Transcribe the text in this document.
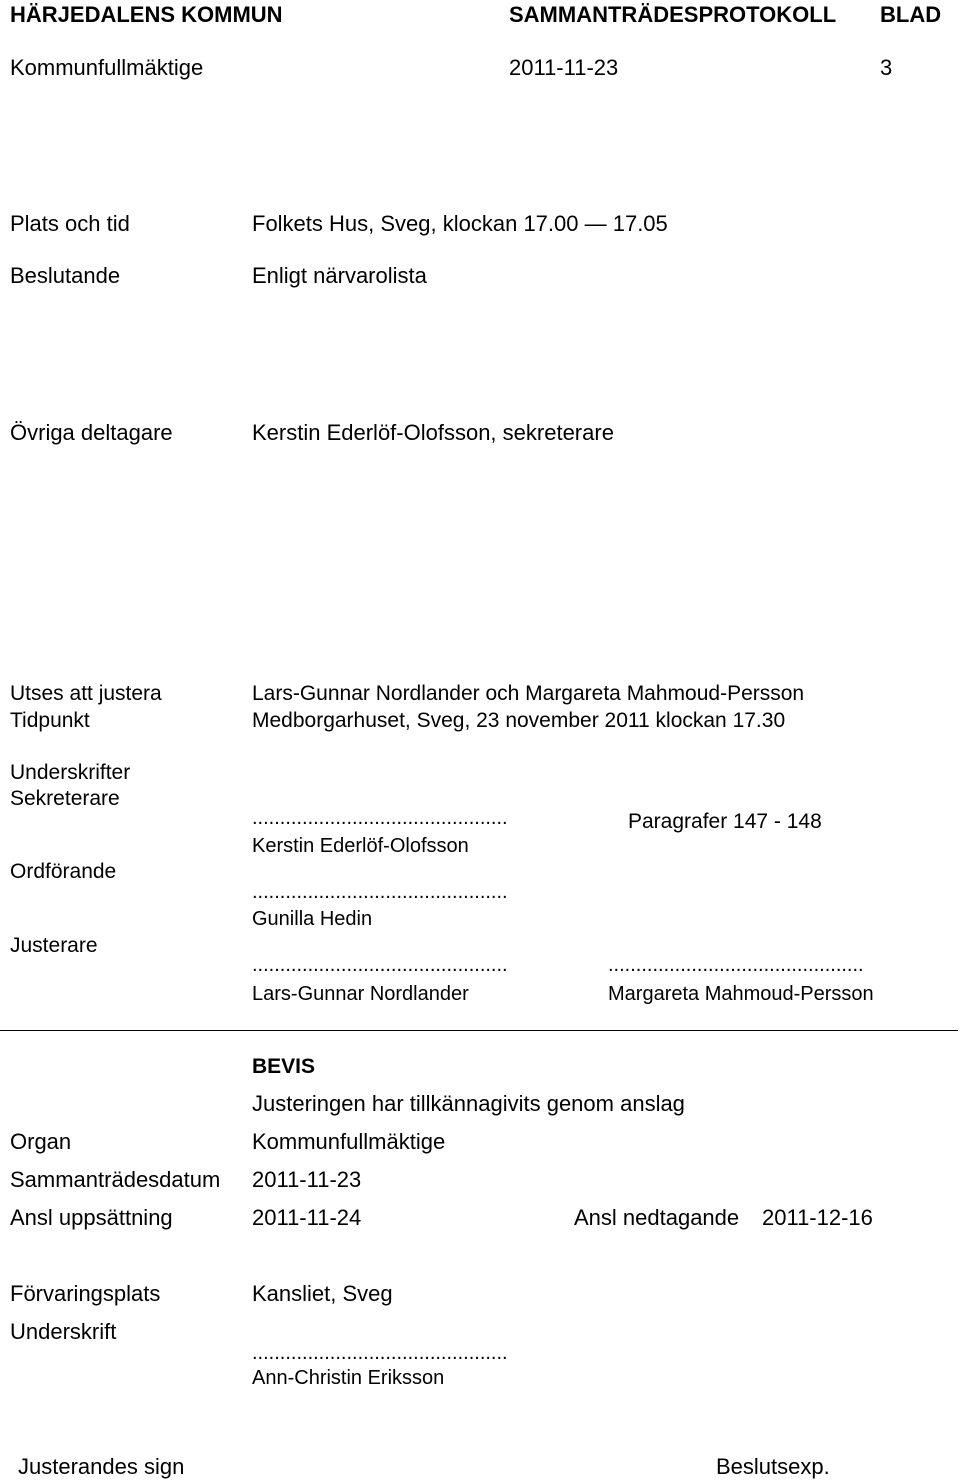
HÄRJEDALENS KOMMUN	SAMMANTRÄDESPROTOKOLL BLAD
Kommunfullmäktige	2011-11-23	3
Plats och tid	Folkets Hus, Sveg, klockan 17.00 — 17.05
Beslutande	Enligt närvarolista
Övriga deltagare	Kerstin Ederlöf-Olofsson, sekreterare
Utses att justera	Lars-Gunnar Nordlander och Margareta Mahmoud-Persson
Tidpunkt	Medborgarhuset, Sveg, 23 november 2011 klockan 17.30
Underskrifter
Sekreterare
..............................................	Paragrafer 147 - 148
Kerstin Ederlöf-Olofsson
Ordförande
..............................................
Gunilla Hedin
Justerare
..............................................
Lars-Gunnar Nordlander
..............................................
Margareta Mahmoud-Persson
BEVIS
Justeringen har tillkännagivits genom anslag
Organ	Kommunfullmäktige
Sammanträdesdatum 2011-11-23
Ansl uppsättning	2011-11-24	Ansl nedtagande 2011-12-16
Förvaringsplats	Kansliet, Sveg
Underskrift
..............................................
Ann-Christin Eriksson
Justerandes sign	Beslutsexp.
